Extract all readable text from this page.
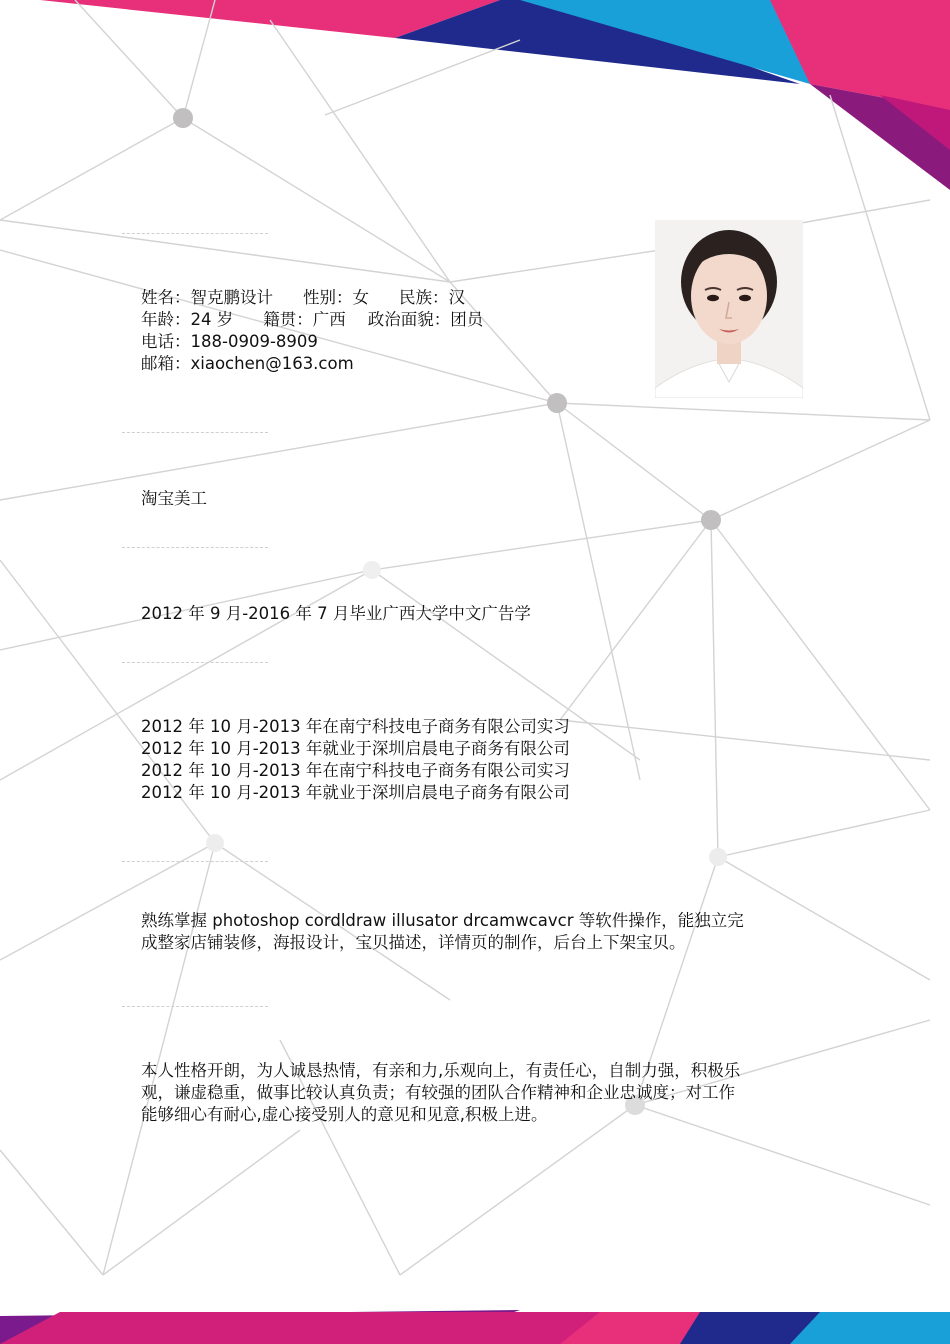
姓名：智克鹏设计 性别：女 民族：汉
年龄：24 岁 籍贯：广西 政治面貌：团员
电话：188-0909-8909
邮箱：xiaochen@163.com
淘宝美工
2012 年 9 月-2016 年 7 月毕业广西大学中文广告学
2012 年 10 月-2013 年在南宁科技电子商务有限公司实习
2012 年 10 月-2013 年就业于深圳启晨电子商务有限公司
2012 年 10 月-2013 年在南宁科技电子商务有限公司实习
2012 年 10 月-2013 年就业于深圳启晨电子商务有限公司
熟练掌握 photoshop cordldraw illusator drcamwcavcr 等软件操作，能独立完
成整家店铺装修，海报设计，宝贝描述，详情页的制作，后台上下架宝贝。
本人性格开朗，为人诚恳热情，有亲和力,乐观向上，有责任心，自制力强，积极乐
观，谦虚稳重，做事比较认真负责；有较强的团队合作精神和企业忠诚度；对工作
能够细心有耐心,虚心接受别人的意见和见意,积极上进。
